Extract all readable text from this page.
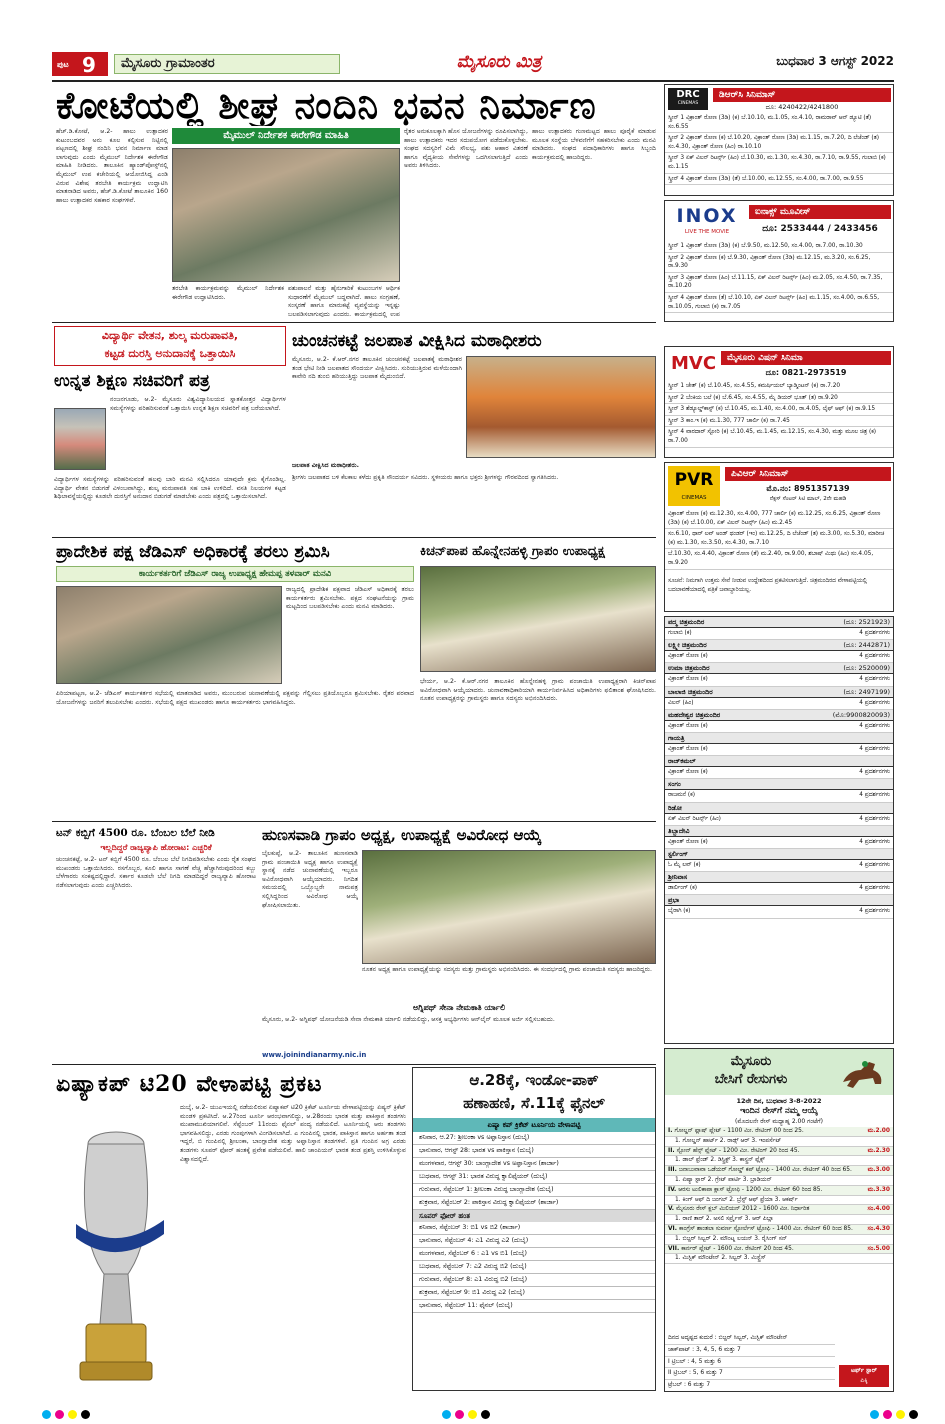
ಪುಟ 9	ಮೈಸೂರು ಗ್ರಾಮಾಂತರ	ಮೈಸೂರು ಮಿತ್ರ	ಬುಧವಾರ 3 ಆಗಸ್ಟ್ 2022
ಕೋಟೆಯಲ್ಲಿ ಶೀಘ್ರ ನಂದಿನಿ ಭವನ ನಿರ್ಮಾಣ
ಹೆಚ್.ಡಿ.ಕೋಟೆ, ಆ.2- ಹಾಲು ಉತ್ಪಾದಕರ ಕುಟುಂಬದವರ ಅನು ಕೂಲ ಕಲ್ಪಿಸುವ ನಿಟ್ಟಿನಲ್ಲಿ ಪಟ್ಟಣದಲ್ಲಿ ಶೀಘ್ರ ನಂದಿನಿ ಭವನ ನಿರ್ಮಾಣ ಮಾಡ ಲಾಗುವುದು ಎಂದು ಮೈಮುಲ್ ನಿರ್ದೇಶಕ ಈರೇಗೌಡ ಮಾಹಿತಿ ನೀಡಿದರು. ತಾಲೂಕಿನ ಹ್ಯಾಂಡ್‌ಪೋಸ್ಟ್‌ನಲ್ಲಿ ಮೈಮುಲ್ ಉಪ ಕಚೇರಿಯಲ್ಲಿ ಆಯೋಜಿಸಿದ್ದ ಎಂಡಿ ವಿರುವ ವಿಶೇಷ ತರಬೇತಿ ಕಾರ್ಯಕ್ರಮ ಉದ್ಘಾಟಿಸಿ ಮಾತನಾಡಿದ ಅವರು, ಹೆಚ್.ಡಿ.ಕೋಟೆ ತಾಲೂಕಿನ 160 ಹಾಲು ಉತ್ಪಾದಕರ ಸಹಕಾರ ಸಂಘಗಳಿವೆ.
ಮೈಮುಲ್ ನಿರ್ದೇಶಕ ಈರೇಗೌಡ ಮಾಹಿತಿ	ರೈತರ ಅನುಕೂಲಕ್ಕಾಗಿ ಹೊಸ ಯೋಜನೆಗಳನ್ನು ರೂಪಿಸಲಾಗಿದ್ದು, ಹಾಲು ಉತ್ಪಾದಕರು ಇದರ ಸದುಪಯೋಗ ಪಡೆದುಕೊಳ್ಳಬೇಕು. ಸಂಘದ ಸದಸ್ಯರಿಗೆ ವಿಮೆ ಸೌಲಭ್ಯ, ಪಶು ಆಹಾರ ವಿತರಣೆ ಹಾಗೂ ವೈದ್ಯಕೀಯ ಸೇವೆಗಳನ್ನು ಒದಗಿಸಲಾಗುತ್ತಿದೆ ಎಂದು ಅವರು ತಿಳಿಸಿದರು.
ಹಾಲು ಉತ್ಪಾದಕರು ಗುಣಮಟ್ಟದ ಹಾಲು ಪೂರೈಕೆ ಮಾಡುವ ಮೂಲಕ ಸಂಸ್ಥೆಯ ಬೆಳವಣಿಗೆಗೆ ಸಹಕರಿಸಬೇಕು ಎಂದು ಮನವಿ ಮಾಡಿದರು. ಸಂಘದ ಪದಾಧಿಕಾರಿಗಳು ಹಾಗೂ ಸಿಬ್ಬಂದಿ ಕಾರ್ಯಕ್ರಮದಲ್ಲಿ ಹಾಜರಿದ್ದರು.
ತರಬೇತಿ ಕಾರ್ಯಕ್ರಮವನ್ನು ಮೈಮುಲ್ ನಿರ್ದೇಶಕ ಈರೇಗೌಡ ಉದ್ಘಾಟಿಸಿದರು.
ಪಶುಪಾಲನೆ ಮತ್ತು ಹೈನುಗಾರಿಕೆ ಕುಟುಂಬಗಳ ಆರ್ಥಿಕ ಸುಧಾರಣೆಗೆ ಮೈಮುಲ್ ಬದ್ಧವಾಗಿದೆ. ಹಾಲು ಸಂಗ್ರಹಣೆ, ಸಂಸ್ಕರಣೆ ಹಾಗೂ ಮಾರುಕಟ್ಟೆ ವ್ಯವಸ್ಥೆಯನ್ನು ಇನ್ನಷ್ಟು ಬಲಪಡಿಸಲಾಗುವುದು ಎಂದರು. ಕಾರ್ಯಕ್ರಮದಲ್ಲಿ ಉಪ
ವಿದ್ಯಾರ್ಥಿ ವೇತನ, ಶುಲ್ಕ ಮರುಪಾವತಿ,
ಕಟ್ಟಡ ದುರಸ್ತಿ ಅನುದಾನಕ್ಕೆ ಒತ್ತಾಯಿಸಿ
ಉನ್ನತ ಶಿಕ್ಷಣ ಸಚಿವರಿಗೆ ಪತ್ರ
ನಂಜನಗೂಡು, ಆ.2- ಮೈಸೂರು ವಿಶ್ವವಿದ್ಯಾನಿಲಯದ ಸ್ನಾತಕೋತ್ತರ ವಿದ್ಯಾರ್ಥಿಗಳ ಸಮಸ್ಯೆಗಳನ್ನು ಪರಿಹರಿಸುವಂತೆ ಒತ್ತಾಯಿಸಿ ಉನ್ನತ ಶಿಕ್ಷಣ ಸಚಿವರಿಗೆ ಪತ್ರ ಬರೆಯಲಾಗಿದೆ.
ವಿದ್ಯಾರ್ಥಿಗಳ ಸಮಸ್ಯೆಗಳನ್ನು ಪರಿಹರಿಸುವಂತೆ ಹಲವು ಬಾರಿ ಮನವಿ ಸಲ್ಲಿಸಿದರೂ ಯಾವುದೇ ಕ್ರಮ ಕೈಗೊಂಡಿಲ್ಲ. ವಿದ್ಯಾರ್ಥಿ ವೇತನ ಬಿಡುಗಡೆ ವಿಳಂಬವಾಗಿದ್ದು, ಶುಲ್ಕ ಮರುಪಾವತಿ ಸಹ ಬಾಕಿ ಉಳಿದಿದೆ. ವಸತಿ ನಿಲಯಗಳ ಕಟ್ಟಡ ಶಿಥಿಲಾವಸ್ಥೆಯಲ್ಲಿದ್ದು ಕೂಡಲೇ ದುರಸ್ತಿಗೆ ಅನುದಾನ ಬಿಡುಗಡೆ ಮಾಡಬೇಕು ಎಂದು ಪತ್ರದಲ್ಲಿ ಒತ್ತಾಯಿಸಲಾಗಿದೆ.
ಚುಂಚನಕಟ್ಟೆ ಜಲಪಾತ ವೀಕ್ಷಿಸಿದ ಮಠಾಧೀಶರು
ಮೈಸೂರು, ಆ.2- ಕೆ.ಆರ್.ನಗರ ತಾಲೂಕಿನ ಚುಂಚನಕಟ್ಟೆ ಜಲಪಾತಕ್ಕೆ ಮಠಾಧೀಶರ ತಂಡ ಭೇಟಿ ನೀಡಿ ಜಲಪಾತದ ಸೌಂದರ್ಯ ವೀಕ್ಷಿಸಿದರು. ಸುರಿಯುತ್ತಿರುವ ಮಳೆಯಿಂದಾಗಿ ಕಾವೇರಿ ನದಿ ತುಂಬಿ ಹರಿಯುತ್ತಿದ್ದು ಜಲಪಾತ ಮೈದುಂಬಿದೆ.
ಜಲಪಾತ ವೀಕ್ಷಿಸಿದ ಮಠಾಧೀಶರು.
ಶ್ರೀಗಳು ಜಲಪಾತದ ಬಳಿ ಕೆಲಕಾಲ ಕಳೆದು ಪ್ರಕೃತಿ ಸೌಂದರ್ಯ ಸವಿದರು. ಸ್ಥಳೀಯರು ಹಾಗೂ ಭಕ್ತರು ಶ್ರೀಗಳನ್ನು ಗೌರವದಿಂದ ಸ್ವಾಗತಿಸಿದರು.
ಪ್ರಾದೇಶಿಕ ಪಕ್ಷ ಜೆಡಿಎಸ್ ಅಧಿಕಾರಕ್ಕೆ ತರಲು ಶ್ರಮಿಸಿ
ಕಾರ್ಯಕರ್ತರಿಗೆ ಜೆಡಿಎಸ್ ರಾಜ್ಯ ಉಪಾಧ್ಯಕ್ಷ ಹೇಮಪ್ಪ ತಳವಾರ್ ಮನವಿ
ರಾಜ್ಯದಲ್ಲಿ ಪ್ರಾದೇಶಿಕ ಪಕ್ಷವಾದ ಜೆಡಿಎಸ್ ಅಧಿಕಾರಕ್ಕೆ ತರಲು ಕಾರ್ಯಕರ್ತರು ಶ್ರಮಿಸಬೇಕು. ಪಕ್ಷದ ಸಂಘಟನೆಯನ್ನು ಗ್ರಾಮ ಮಟ್ಟದಿಂದ ಬಲಪಡಿಸಬೇಕು ಎಂದು ಮನವಿ ಮಾಡಿದರು.
ಪಿರಿಯಾಪಟ್ಟಣ, ಆ.2- ಜೆಡಿಎಸ್ ಕಾರ್ಯಕರ್ತರ ಸಭೆಯಲ್ಲಿ ಮಾತನಾಡಿದ ಅವರು, ಮುಂಬರುವ ಚುನಾವಣೆಯಲ್ಲಿ ಪಕ್ಷವನ್ನು ಗೆಲ್ಲಿಸಲು ಪ್ರತಿಯೊಬ್ಬರೂ ಶ್ರಮಿಸಬೇಕು. ರೈತರ ಪರವಾದ ಯೋಜನೆಗಳನ್ನು ಜನರಿಗೆ ತಲುಪಿಸಬೇಕು ಎಂದರು. ಸಭೆಯಲ್ಲಿ ಪಕ್ಷದ ಮುಖಂಡರು ಹಾಗೂ ಕಾರ್ಯಕರ್ತರು ಭಾಗವಹಿಸಿದ್ದರು.
ಕಿಚನ್‌ಪಾಪ ಹೊನ್ನೇನಹಳ್ಳಿ ಗ್ರಾಪಂ ಉಪಾಧ್ಯಕ್ಷ
ಭೇರ್ಯ, ಆ.2- ಕೆ.ಆರ್.ನಗರ ತಾಲೂಕಿನ ಹೊನ್ನೇನಹಳ್ಳಿ ಗ್ರಾಮ ಪಂಚಾಯಿತಿ ಉಪಾಧ್ಯಕ್ಷರಾಗಿ ಕಿಚನ್‌ಪಾಪ ಅವಿರೋಧವಾಗಿ ಆಯ್ಕೆಯಾದರು. ಚುನಾವಣಾಧಿಕಾರಿಯಾಗಿ ಕಾರ್ಯನಿರ್ವಹಿಸಿದ ಅಧಿಕಾರಿಗಳು ಫಲಿತಾಂಶ ಘೋಷಿಸಿದರು. ನೂತನ ಉಪಾಧ್ಯಕ್ಷರನ್ನು ಗ್ರಾಮಸ್ಥರು ಹಾಗೂ ಸದಸ್ಯರು ಅಭಿನಂದಿಸಿದರು.
ಟನ್ ಕಬ್ಬಿಗೆ 4500 ರೂ. ಬೆಂಬಲ ಬೆಲೆ ನೀಡಿ
ಇಲ್ಲದಿದ್ದರೆ ರಾಜ್ಯವ್ಯಾಪಿ ಹೋರಾಟ: ಎಚ್ಚರಿಕೆ
ಚುಂಚನಕಟ್ಟೆ, ಆ.2- ಟನ್ ಕಬ್ಬಿಗೆ 4500 ರೂ. ಬೆಂಬಲ ಬೆಲೆ ನಿಗದಿಪಡಿಸಬೇಕು ಎಂದು ರೈತ ಸಂಘದ ಮುಖಂಡರು ಒತ್ತಾಯಿಸಿದರು. ರಸಗೊಬ್ಬರ, ಕೂಲಿ ಹಾಗೂ ಸಾಗಣೆ ವೆಚ್ಚ ಹೆಚ್ಚಾಗಿರುವುದರಿಂದ ಕಬ್ಬು ಬೆಳೆಗಾರರು ಸಂಕಷ್ಟದಲ್ಲಿದ್ದಾರೆ. ಸರ್ಕಾರ ಕೂಡಲೇ ಬೆಲೆ ನಿಗದಿ ಮಾಡದಿದ್ದರೆ ರಾಜ್ಯವ್ಯಾಪಿ ಹೋರಾಟ ನಡೆಸಲಾಗುವುದು ಎಂದು ಎಚ್ಚರಿಸಿದರು.
ಹುಣಸವಾಡಿ ಗ್ರಾಪಂ ಅಧ್ಯಕ್ಷ, ಉಪಾಧ್ಯಕ್ಷೆ ಅವಿರೋಧ ಆಯ್ಕೆ
ಬೈಲಕುಪ್ಪೆ, ಆ.2- ತಾಲೂಕಿನ ಹುಣಸವಾಡಿ ಗ್ರಾಮ ಪಂಚಾಯಿತಿ ಅಧ್ಯಕ್ಷ ಹಾಗೂ ಉಪಾಧ್ಯಕ್ಷೆ ಸ್ಥಾನಕ್ಕೆ ನಡೆದ ಚುನಾವಣೆಯಲ್ಲಿ ಇಬ್ಬರೂ ಅವಿರೋಧವಾಗಿ ಆಯ್ಕೆಯಾದರು. ನಿಗದಿತ ಸಮಯದಲ್ಲಿ ಒಬ್ಬೊಬ್ಬರೇ ನಾಮಪತ್ರ ಸಲ್ಲಿಸಿದ್ದರಿಂದ ಅವಿರೋಧ ಆಯ್ಕೆ ಘೋಷಿಸಲಾಯಿತು.
ನೂತನ ಅಧ್ಯಕ್ಷ ಹಾಗೂ ಉಪಾಧ್ಯಕ್ಷೆಯನ್ನು ಸದಸ್ಯರು ಮತ್ತು ಗ್ರಾಮಸ್ಥರು ಅಭಿನಂದಿಸಿದರು. ಈ ಸಂದರ್ಭದಲ್ಲಿ ಗ್ರಾಮ ಪಂಚಾಯಿತಿ ಸದಸ್ಯರು ಹಾಜರಿದ್ದರು.
ಅಗ್ನಿಪಥ್ ಸೇನಾ ನೇಮಕಾತಿ ರ್ಯಾಲಿ
ಮೈಸೂರು, ಆ.2- ಅಗ್ನಿಪಥ್ ಯೋಜನೆಯಡಿ ಸೇನಾ ನೇಮಕಾತಿ ರ್ಯಾಲಿ ನಡೆಯಲಿದ್ದು, ಆಸಕ್ತ ಅಭ್ಯರ್ಥಿಗಳು ಆನ್‌ಲೈನ್ ಮೂಲಕ ಅರ್ಜಿ ಸಲ್ಲಿಸಬಹುದು.
www.joinindianarmy.nic.in
ಏಷ್ಯಾಕಪ್ ಟಿ20 ವೇಳಾಪಟ್ಟಿ ಪ್ರಕಟ
ದುಬೈ, ಆ.2- ಯುಎಇಯಲ್ಲಿ ನಡೆಯಲಿರುವ ಏಷ್ಯಾಕಪ್ ಟಿ20 ಕ್ರಿಕೆಟ್ ಟೂರ್ನಿಯ ವೇಳಾಪಟ್ಟಿಯನ್ನು ಏಷ್ಯನ್ ಕ್ರಿಕೆಟ್ ಮಂಡಳಿ ಪ್ರಕಟಿಸಿದೆ. ಆ.27ರಿಂದ ಟೂರ್ನಿ ಆರಂಭವಾಗಲಿದ್ದು, ಆ.28ರಂದು ಭಾರತ ಮತ್ತು ಪಾಕಿಸ್ತಾನ ತಂಡಗಳು ಮುಖಾಮುಖಿಯಾಗಲಿವೆ. ಸೆಪ್ಟೆಂಬರ್ 11ರಂದು ಫೈನಲ್ ಪಂದ್ಯ ನಡೆಯಲಿದೆ. ಟೂರ್ನಿಯಲ್ಲಿ ಆರು ತಂಡಗಳು ಭಾಗವಹಿಸಲಿದ್ದು, ಎರಡು ಗುಂಪುಗಳಾಗಿ ವಿಂಗಡಿಸಲಾಗಿದೆ. ಎ ಗುಂಪಿನಲ್ಲಿ ಭಾರತ, ಪಾಕಿಸ್ತಾನ ಹಾಗೂ ಅರ್ಹತಾ ತಂಡ ಇದ್ದರೆ, ಬಿ ಗುಂಪಿನಲ್ಲಿ ಶ್ರೀಲಂಕಾ, ಬಾಂಗ್ಲಾದೇಶ ಮತ್ತು ಅಫ್ಘಾನಿಸ್ತಾನ ತಂಡಗಳಿವೆ. ಪ್ರತಿ ಗುಂಪಿನ ಅಗ್ರ ಎರಡು ತಂಡಗಳು ಸೂಪರ್ ಫೋರ್ ಹಂತಕ್ಕೆ ಪ್ರವೇಶ ಪಡೆಯಲಿವೆ. ಹಾಲಿ ಚಾಂಪಿಯನ್ ಭಾರತ ತಂಡ ಪ್ರಶಸ್ತಿ ಉಳಿಸಿಕೊಳ್ಳುವ ವಿಶ್ವಾಸದಲ್ಲಿದೆ.
ಆ.28ಕ್ಕೆ, ಇಂಡೋ-ಪಾಕ್
ಹಣಾಹಣಿ, ಸೆ.11ಕ್ಕೆ ಫೈನಲ್
ಏಷ್ಯಾ ಕಪ್ ಕ್ರಿಕೆಟ್ ಟೂರ್ನಿಯ ವೇಳಾಪಟ್ಟಿ
ಶನಿವಾರ, ಆ.27: ಶ್ರೀಲಂಕಾ vs ಅಫ್ಘಾನಿಸ್ತಾನ (ದುಬೈ)
ಭಾನುವಾರ, ಆಗಸ್ಟ್ 28: ಭಾರತ vs ಪಾಕಿಸ್ತಾನ (ದುಬೈ)
ಮಂಗಳವಾರ, ಆಗಸ್ಟ್ 30: ಬಾಂಗ್ಲಾದೇಶ vs ಅಫ್ಘಾನಿಸ್ತಾನ (ಶಾರ್ಜಾ)
ಬುಧವಾರ, ಆಗಸ್ಟ್ 31: ಭಾರತ ವಿರುದ್ಧ ಕ್ವಾಲಿಫೈಯರ್ (ದುಬೈ)
ಗುರುವಾರ, ಸೆಪ್ಟೆಂಬರ್ 1: ಶ್ರೀಲಂಕಾ ವಿರುದ್ಧ ಬಾಂಗ್ಲಾದೇಶ (ದುಬೈ)
ಶುಕ್ರವಾರ, ಸೆಪ್ಟೆಂಬರ್ 2: ಪಾಕಿಸ್ತಾನ ವಿರುದ್ಧ ಕ್ವಾಲಿಫೈಯರ್ (ಶಾರ್ಜಾ)
ಸೂಪರ್ ಫೋರ್ ಹಂತ
ಶನಿವಾರ, ಸೆಪ್ಟೆಂಬರ್ 3: ಬಿ1 vs ಬಿ2 (ಶಾರ್ಜಾ)
ಭಾನುವಾರ, ಸೆಪ್ಟೆಂಬರ್ 4: ಎ1 ವಿರುದ್ಧ ಎ2 (ದುಬೈ)
ಮಂಗಳವಾರ, ಸೆಪ್ಟೆಂಬರ್ 6 : ಎ1 vs ಬಿ1 (ದುಬೈ)
ಬುಧವಾರ, ಸೆಪ್ಟೆಂಬರ್ 7: ಎ2 ವಿರುದ್ಧ ಬಿ2 (ದುಬೈ)
ಗುರುವಾರ, ಸೆಪ್ಟೆಂಬರ್ 8: ಎ1 ವಿರುದ್ಧ ಬಿ2 (ದುಬೈ)
ಶುಕ್ರವಾರ, ಸೆಪ್ಟೆಂಬರ್ 9: ಬಿ1 ವಿರುದ್ಧ ಎ2 (ದುಬೈ)
ಭಾನುವಾರ, ಸೆಪ್ಟೆಂಬರ್ 11: ಫೈನಲ್ (ದುಬೈ)
DRC
CINEMAS
ಡಿಆರ್‌ಸಿ ಸಿನಿಮಾಸ್
ದೂ: 4240422/4241800
ಸ್ಕ್ರೀನ್ 1 ವಿಕ್ರಾಂತ್ ರೋಣ (3ಡಿ) (ಕ) ಬೆ.10.10, ಮ.1.05, ಸಂ.4.10, ರಾಮರಾವ್ ಆನ್ ಡ್ಯೂಟಿ (ತೆ) ಸಂ.6.55
ಸ್ಕ್ರೀನ್ 2 ವಿಕ್ರಾಂತ್ ರೋಣ (ಕ) ಬೆ.10.20, ವಿಕ್ರಾಂತ್ ರೋಣ (3ಡಿ) ಮ.1.15, ರಾ.7.20, ದಿ ಲೆಜೆಂಡ್ (ತ) ಸಂ.4.30, ವಿಕ್ರಾಂತ್ ರೋಣ (ಹಿಂ) ರಾ.10.10
ಸ್ಕ್ರೀನ್ 3 ಏಕ್ ವಿಲನ್ ರಿಟರ್ನ್ಸ್ (ಹಿಂ) ಬೆ.10.30, ಮ.1.30, ಸಂ.4.30, ರಾ.7.10, ರಾ.9.55, ಗುಲಾಬಿ (ಕ) ಮ.1.15
ಸ್ಕ್ರೀನ್ 4 ವಿಕ್ರಾಂತ್ ರೋಣ (3ಡಿ) (ತೆ) ಬೆ.10.00, ಮ.12.55, ಸಂ.4.00, ರಾ.7.00, ರಾ.9.55
INOX
LIVE THE MOVIE
ಐನಾಕ್ಸ್ ಮೂವೀಸ್
ದೂ: 2533444 / 2433456
ಸ್ಕ್ರೀನ್ 1 ವಿಕ್ರಾಂತ್ ರೋಣ (3ಡಿ) (ಕ) ಬೆ.9.50, ಮ.12.50, ಸಂ.4.00, ರಾ.7.00, ರಾ.10.30
ಸ್ಕ್ರೀನ್ 2 ವಿಕ್ರಾಂತ್ ರೋಣ (ಕ) ಬೆ.9.30, ವಿಕ್ರಾಂತ್ ರೋಣ (3ಡಿ) ಮ.12.15, ಮ.3.20, ಸಂ.6.25, ರಾ.9.30
ಸ್ಕ್ರೀನ್ 3 ವಿಕ್ರಾಂತ್ ರೋಣ (ಹಿಂ) ಬೆ.11.15, ಏಕ್ ವಿಲನ್ ರಿಟರ್ನ್ಸ್ (ಹಿಂ) ಮ.2.05, ಸಂ.4.50, ರಾ.7.35, ರಾ.10.20
ಸ್ಕ್ರೀನ್ 4 ವಿಕ್ರಾಂತ್ ರೋಣ (ತೆ) ಬೆ.10.10, ಏಕ್ ವಿಲನ್ ರಿಟರ್ನ್ಸ್ (ಹಿಂ) ಮ.1.15, ಸಂ.4.00, ರಾ.6.55, ರಾ.10.05, ಗುಲಾಬಿ (ಕ) ರಾ.7.05
MVC	ಮೈಸೂರು ವಿಷನ್ ಸಿನಿಮಾ
ದೂ: 0821-2973519
ಸ್ಕ್ರೀನ್ 1 ಚೇತ್ (ಕ) ಬೆ.10.45, ಸಂ.4.55, ಕಮರ್ಷಿಯಲ್ ಬ್ಯಾಡ್ಮಿಂಟನ್ (ಕ) ರಾ.7.20
ಸ್ಕ್ರೀನ್ 2 ಬೆಂಕಿಯ ಬಲೆ (ಕ) ಬೆ.6.45, ಸಂ.4.55, ಮೈ ಡಿಯರ್ ಭೂತ್ (ತ) ರಾ.9.20
ಸ್ಕ್ರೀನ್ 3 ಶೆಡ್ಯೂಲ್ಡ್‌ಕಾಸ್ಟ್ (ಕ) ಬೆ.10.45, ಮ.1.40, ಸಂ.4.00, ರಾ.4.05, ಲೈಫ್ ಆಫ್ (ಕ) ರಾ.9.15
ಸ್ಕ್ರೀನ್ 3 ಕಾಂ.ಇ (ಕ) ಮ.1.30, 777 ಚಾರ್ಲಿ (ಕ) ರಾ.7.45
ಸ್ಕ್ರೀನ್ 4 ವಾರದಾರ್ ಸ್ಟೋರಿ (ಕ) ಬೆ.10.45, ಮ.1.45, ಮ.12.15, ಸಂ.4.30, ಮತ್ತು ಮೂಲ ಚಿತ್ರ (ಕ) ರಾ.7.00
PVR
CINEMAS
ಪಿವಿಆರ್ ಸಿನಿಮಾಸ್
ಮೊ.ನಂ: 8951357139
ನೆಕ್ಸಸ್ ಸೆಂಟರ್ ಸಿಟಿ ಮಾಲ್, 2ನೇ ಮಹಡಿ
ವಿಕ್ರಾಂತ್ ರೋಣ (ಕ) ಮ.12.30, ಸಂ.4.00, 777 ಚಾರ್ಲಿ (ಕ) ಮ.12.25, ಸಂ.6.25, ವಿಕ್ರಾಂತ್ ರೋಣ (3ಡಿ) (ಕ) ಬೆ.10.00, ಏಕ್ ವಿಲನ್ ರಿಟರ್ನ್ಸ್ (ಹಿಂ) ಮ.2.45
ಸಂ.6.10, ಥಾರ್ ಲವ್ ಅಂಡ್ ಥಂಡರ್ (ಇಂ) ಮ.12.25, ದಿ ಲೆಜೆಂಡ್ (ತ) ಮ.3.00, ಸಂ.5.30, ಮಾರೀಚ (ಕ) ಮ.1.30, ಸಂ.3.50, ಸಂ.4.30, ರಾ.7.10
ಬೆ.10.30, ಸಂ.4.40, ವಿಕ್ರಾಂತ್ ರೋಣ (ತೆ) ಮ.2.40, ರಾ.9.00, ಶಬಾಷ್ ಮಿಥು (ಹಿಂ) ಸಂ.4.05, ರಾ.9.20
ಸೂಚನೆ: ನಿಮಗಾಗಿ ಉತ್ತಮ ಸೇವೆ ನೀಡುವ ಉದ್ದೇಶದಿಂದ ಪ್ರಕಟಿಸಲಾಗುತ್ತಿದೆ. ಚಿತ್ರಮಂದಿರದ ವೇಳಾಪಟ್ಟಿಯಲ್ಲಿ ಬದಲಾವಣೆಯಾದಲ್ಲಿ ಪತ್ರಿಕೆ ಜವಾಬ್ದಾರಿಯಲ್ಲ.
ಪದ್ಮ ಚಿತ್ರಮಂದಿರ	(ದೂ: 2521923)
ಗುಲಾಬಿ (ಕ)	4 ಪ್ರದರ್ಶನಗಳು
ಲಕ್ಷ್ಮೀ ಚಿತ್ರಮಂದಿರ	(ದೂ: 2442871)
ವಿಕ್ರಾಂತ್ ರೋಣ (ಕ)	4 ಪ್ರದರ್ಶನಗಳು
ಉಮಾ ಚಿತ್ರಮಂದಿರ	(ದೂ: 2520009)
ವಿಕ್ರಾಂತ್ ರೋಣ (ಕ)	4 ಪ್ರದರ್ಶನಗಳು
ಬಾಲಾಜಿ ಚಿತ್ರಮಂದಿರ	(ದೂ: 2497199)
ವಿಲನ್ (ಹಿಂ)	4 ಪ್ರದರ್ಶನಗಳು
ಮಹದೇಶ್ವರ ಚಿತ್ರಮಂದಿರ	(ಮೊ:9900820093)
ವಿಕ್ರಾಂತ್ ರೋಣ (ಕ)	4 ಪ್ರದರ್ಶನಗಳು
ಗಾಯತ್ರಿ
ವಿಕ್ರಾಂತ್ ರೋಣ (ಕ)	4 ಪ್ರದರ್ಶನಗಳು
ರಾಜ್‌ಕಮಲ್
ವಿಕ್ರಾಂತ್ ರೋಣ (ಕ)	4 ಪ್ರದರ್ಶನಗಳು
ಸಂಗಂ
ರಾಜಮನೆ (ಕ)	4 ಪ್ರದರ್ಶನಗಳು
ರಿಡೋ
ಏಕ್ ವಿಲನ್ ರಿಟರ್ನ್ಸ್ (ಹಿಂ)	4 ಪ್ರದರ್ಶನಗಳು
ತಿಬ್ಬಾದೇವಿ
ವಿಕ್ರಾಂತ್ ರೋಣ (ಕ)	4 ಪ್ರದರ್ಶನಗಳು
ಸ್ಟರ್ಲಿಂಗ್
ಓ ಮೈ ಲವ್ (ಕ)	4 ಪ್ರದರ್ಶನಗಳು
ಶ್ರೀನಿವಾಸ
ಡಾರ್ಲಿಂಗ್ (ಕ)	4 ಪ್ರದರ್ಶನಗಳು
ಪ್ರಭಾ
ಬೈರಾಗಿ (ಕ)	4 ಪ್ರದರ್ಶನಗಳು
ಮೈಸೂರು
ಬೇಸಿಗೆ ರೇಸುಗಳು
12ನೇ ದಿನ, ಬುಧವಾರ 3-8-2022
ಇಂದಿನ ರೇಸ್‌ಗೆ ನಮ್ಮ ಆಯ್ಕೆ
(ಮೊದಲನೇ ರೇಸ್ ಮಧ್ಯಾಹ್ನ 2.00 ಗಂಟೆಗೆ)
ಮ.2.00
I. ಗೋಲ್ಡನ್ ಫ್ಲಾಷ್ ಪ್ಲೇಟ್ - 1100 ಮೀ. ರೇಟಿಂಗ್ 00 ರಿಂದ 25.
1. ಗೋಲ್ಡನ್ ಹಾರ್ಟ್ 2. ರಾಡ್ಸ್ ಆರ್ 3. ಇಂಪರ್ಸೆಟ್
ಮ.2.30
II. ಸ್ಟೋನ್ ಹೆನ್ಸ್ ಪ್ಲೇಟ್ - 1200 ಮೀ. ರೇಟಿಂಗ್ 20 ರಿಂದ 45.
1. ಡಾಲ್ ಫ್ರೆಂಡ್ 2. ಡಿಸ್ಟ್ರಿಕ್ಟ್ 3. ಕಾಸ್ಟ್ರನ್ ಫ್ಲೆಕ್ಸ್
ಮ.3.00
III. ಜನಾಬುವಾವಾ ಒಡೆಯರ್ ಗೋಲ್ಡ್ ಕಪ್ ಟ್ರೋಫಿ - 1400 ಮೀ. ರೇಟಿಂಗ್ 40 ರಿಂದ 65.
1. ಏಷ್ಯಾ ಸ್ಟಾರ್ 2. ಗ್ರೇಟ್ ಪಾರ್ಟಿ 3. ಬ್ರಾಡಿಯನ್
ಮ.3.30
IV. ಆರಸು ಟುಲಿಕಾಪಾ ಕ್ಲಾಸ್ ಟ್ರೋಫಿ - 1200 ಮೀ. ರೇಟಿಂಗ್ 60 ರಿಂದ 85.
1. ಕಿಂಗ್ ಆಫ್ ದಿ ಜಂಗಲ್ 2. ಬ್ರೆಸ್ಟ್ ಆಫ್ ಫ್ರೆಯಾ 3. ಆಕರ್ಷ್
ಸಂ.4.00
V. ಮೈಸೂರು ರೇಸ್ ಕ್ಲಬ್ ಮಿಲಿಯನ್ 2012 - 1600 ಮೀ. ನಿರ್ಧಾರಿತ
1. ರಾಣಿ ತಾರ್ 2. ಅಸಲಿ ಸರ್ಪ್ರೈಸ್ 3. ಆರ್ ಪಿಬ್ಲಾ
ಸಂ.4.30
VI. ಕಾಂಗ್ರೆಸ್ ಶಾಂತಲಾ ಸುವರ್ಣ ಸ್ಟೋರ್ಲೆಸ್ ಟ್ರೋಫಿ - 1400 ಮೀ. ರೇಟಿಂಗ್ 60 ರಿಂದ 85.
1. ಬಿಜ್ಜರ್ ಸಿಲ್ವರ್ 2. ಮೌಂಟ್ನ ಲಯನ್ 3. ರೈಸಿಂಗ್ ಸನ್
ಸಂ.5.00
VII. ಕಾರ್ನರ್ ಪ್ಲೇಟ್ - 1600 ಮೀ. ರೇಟಿಂಗ್ 20 ರಿಂದ 45.
1. ಮಿಸ್ಟಿಕ್ ಮೌಂಟೇನ್ 2. ಸಿಲ್ವರ್ 3. ಮಿಸ್ಟ್ರೆಸ್
ದಿನದ ಅದೃಷ್ಟದ ಕುದುರೆ : ಬಿಜ್ಜರ್ ಸಿಲ್ವರ್, ಮಿಸ್ಟಿಕ್ ಮೌಂಟೇನ್
ಜಾಕ್‌ಪಾಟ್ : 3, 4, 5, 6 ಮತ್ತು 7
I ಟ್ರಿಬಲ್ : 4, 5 ಮತ್ತು 6
II ಟ್ರಿಬಲ್ : 5, 6 ಮತ್ತು 7
ಟ್ರೆಬಲ್ : 6 ಮತ್ತು 7
ಟರ್ಫ್ ಸ್ಟಾರ್
ಪಿಕ್ಕಿ
